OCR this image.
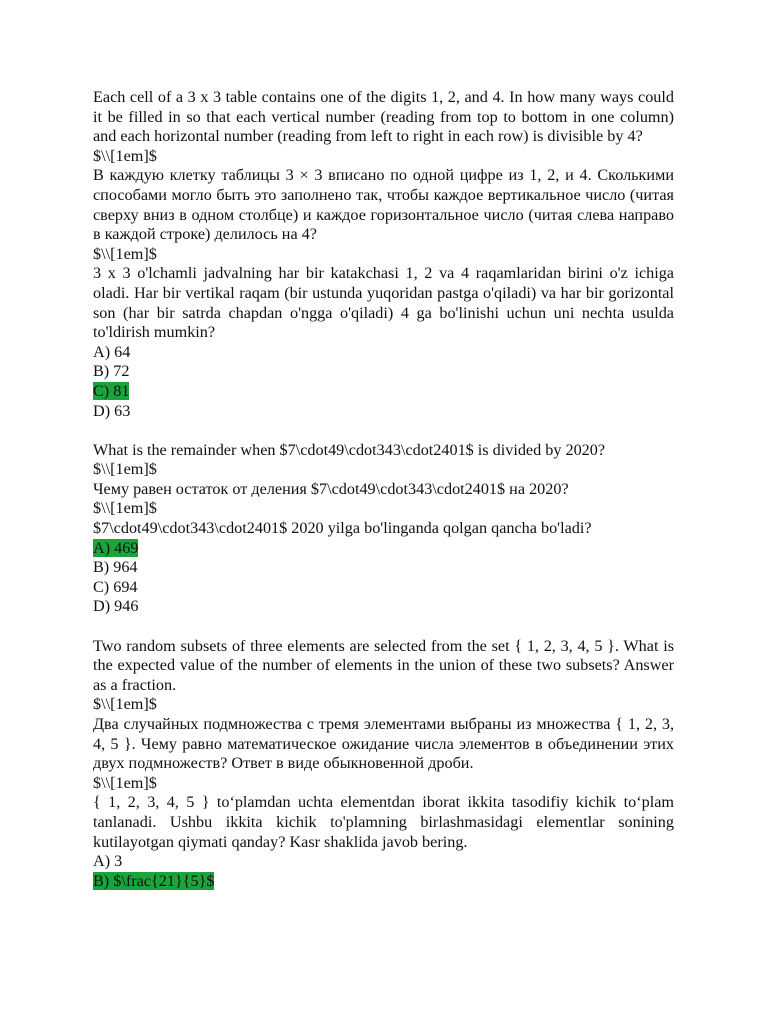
Each cell of a 3 x 3 table contains one of the digits 1, 2, and 4. In how many ways could it be filled in so that each vertical number (reading from top to bottom in one column) and each horizontal number (reading from left to right in each row) is divisible by 4?

$\\[1em]$

В каждую клетку таблицы 3 × 3 вписано по одной цифре из 1, 2, и 4. Сколькими способами могло быть это заполнено так, чтобы каждое вертикальное число (читая сверху вниз в одном столбце) и каждое горизонтальное число (читая слева направо в каждой строке) делилось на 4?

$\\[1em]$

3 x 3 o'lchamli jadvalning har bir katakchasi 1, 2 va 4 raqamlaridan birini o'z ichiga oladi. Har bir vertikal raqam (bir ustunda yuqoridan pastga o'qiladi) va har bir gorizontal son (har bir satrda chapdan o'ngga o'qiladi) 4 ga bo'linishi uchun uni nechta usulda to'ldirish mumkin?

A) 64

B) 72

C) 81

D) 63

What is the remainder when $7\cdot49\cdot343\cdot2401$ is divided by 2020?

$\\[1em]$

Чему равен остаток от деления $7\cdot49\cdot343\cdot2401$ на 2020?

$\\[1em]$

$7\cdot49\cdot343\cdot2401$ 2020 yilga bo'linganda qolgan qancha bo'ladi?

A) 469

B) 964

C) 694

D) 946

Two random subsets of three elements are selected from the set { 1, 2, 3, 4, 5 }. What is the expected value of the number of elements in the union of these two subsets? Answer as a fraction.

$\\[1em]$

Два случайных подмножества с тремя элементами выбраны из множества { 1, 2, 3, 4, 5 }. Чему равно математическое ожидание числа элементов в объединении этих двух подмножеств? Ответ в виде обыкновенной дроби.

$\\[1em]$

{ 1, 2, 3, 4, 5 } to‘plamdan uchta elementdan iborat ikkita tasodifiy kichik to‘plam tanlanadi. Ushbu ikkita kichik to'plamning birlashmasidagi elementlar sonining kutilayotgan qiymati qanday? Kasr shaklida javob bering.

A) 3

B) $\frac{21}{5}$
